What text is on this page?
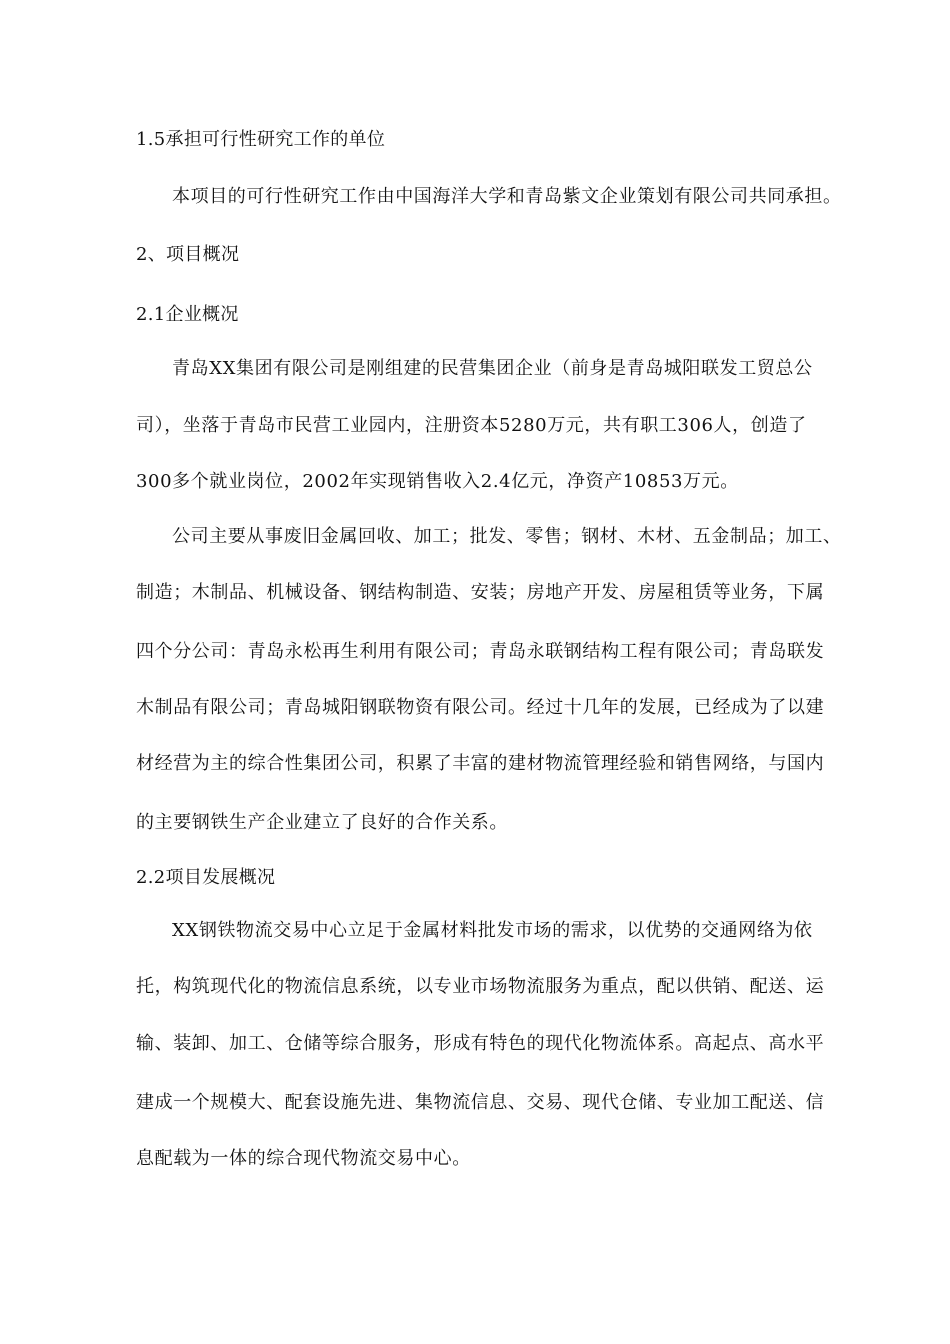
1.5承担可行性研究工作的单位
本项目的可行性研究工作由中国海洋大学和青岛紫文企业策划有限公司共同承担。
2、项目概况
2.1企业概况
青岛XX集团有限公司是刚组建的民营集团企业（前身是青岛城阳联发工贸总公
司），坐落于青岛市民营工业园内，注册资本5280万元，共有职工306人，创造了
300多个就业岗位，2002年实现销售收入2.4亿元，净资产10853万元。
公司主要从事废旧金属回收、加工；批发、零售；钢材、木材、五金制品；加工、
制造；木制品、机械设备、钢结构制造、安装；房地产开发、房屋租赁等业务，下属
四个分公司：青岛永松再生利用有限公司；青岛永联钢结构工程有限公司；青岛联发
木制品有限公司；青岛城阳钢联物资有限公司。经过十几年的发展，已经成为了以建
材经营为主的综合性集团公司，积累了丰富的建材物流管理经验和销售网络，与国内
的主要钢铁生产企业建立了良好的合作关系。
2.2项目发展概况
XX钢铁物流交易中心立足于金属材料批发市场的需求，以优势的交通网络为依
托，构筑现代化的物流信息系统，以专业市场物流服务为重点，配以供销、配送、运
输、装卸、加工、仓储等综合服务，形成有特色的现代化物流体系。高起点、高水平
建成一个规模大、配套设施先进、集物流信息、交易、现代仓储、专业加工配送、信
息配载为一体的综合现代物流交易中心。
